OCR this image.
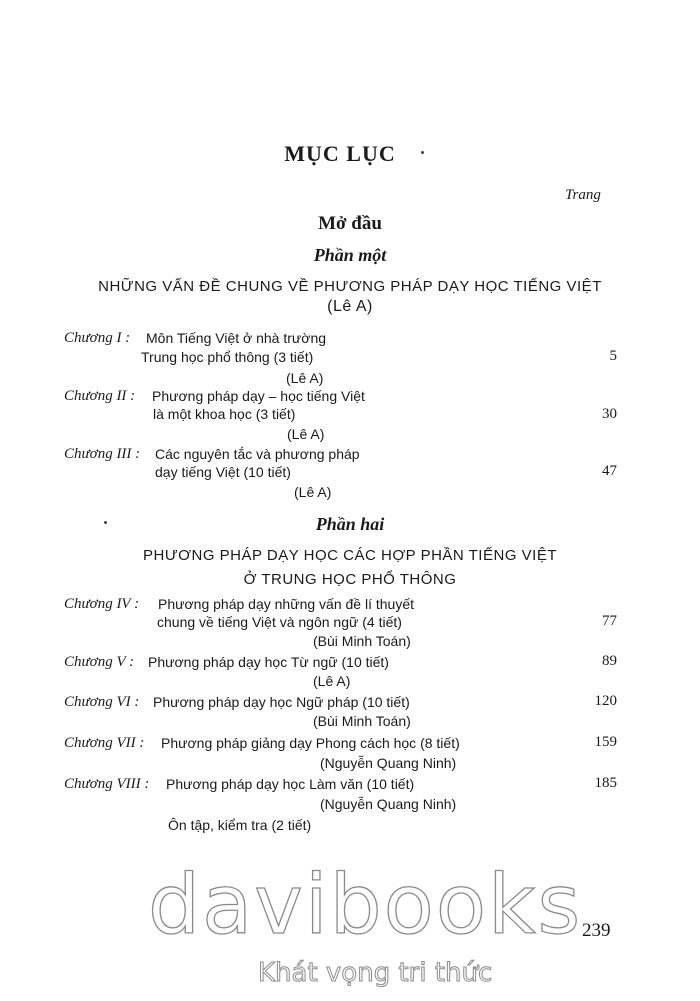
MỤC LỤC
Trang
Mở đầu
Phần một
NHỮNG VẤN ĐỀ CHUNG VỀ PHƯƠNG PHÁP DẠY HỌC TIẾNG VIỆT
(Lê A)
Chương I : Môn Tiếng Việt ở nhà trường
Trung học phổ thông (3 tiết)	5
(Lê A)
Chương II : Phương pháp dạy – học tiếng Việt
là một khoa học (3 tiết)	30
(Lê A)
Chương III : Các nguyên tắc và phương pháp
dạy tiếng Việt (10 tiết)	47
(Lê A)
Phần hai
PHƯƠNG PHÁP DẠY HỌC CÁC HỢP PHẦN TIẾNG VIỆT
Ở TRUNG HỌC PHỔ THÔNG
Chương IV : Phương pháp dạy những vấn đề lí thuyết
chung về tiếng Việt và ngôn ngữ (4 tiết)	77
(Bùi Minh Toán)
Chương V : Phương pháp dạy học Từ ngữ (10 tiết)	89
(Lê A)
Chương VI : Phương pháp dạy học Ngữ pháp (10 tiết)	120
(Bùi Minh Toán)
Chương VII : Phương pháp giảng dạy Phong cách học (8 tiết)	159
(Nguyễn Quang Ninh)
Chương VIII : Phương pháp dạy học Làm văn (10 tiết)	185
(Nguyễn Quang Ninh)
Ôn tập, kiểm tra (2 tiết)
davibooks
Khát vọng tri thức
239
